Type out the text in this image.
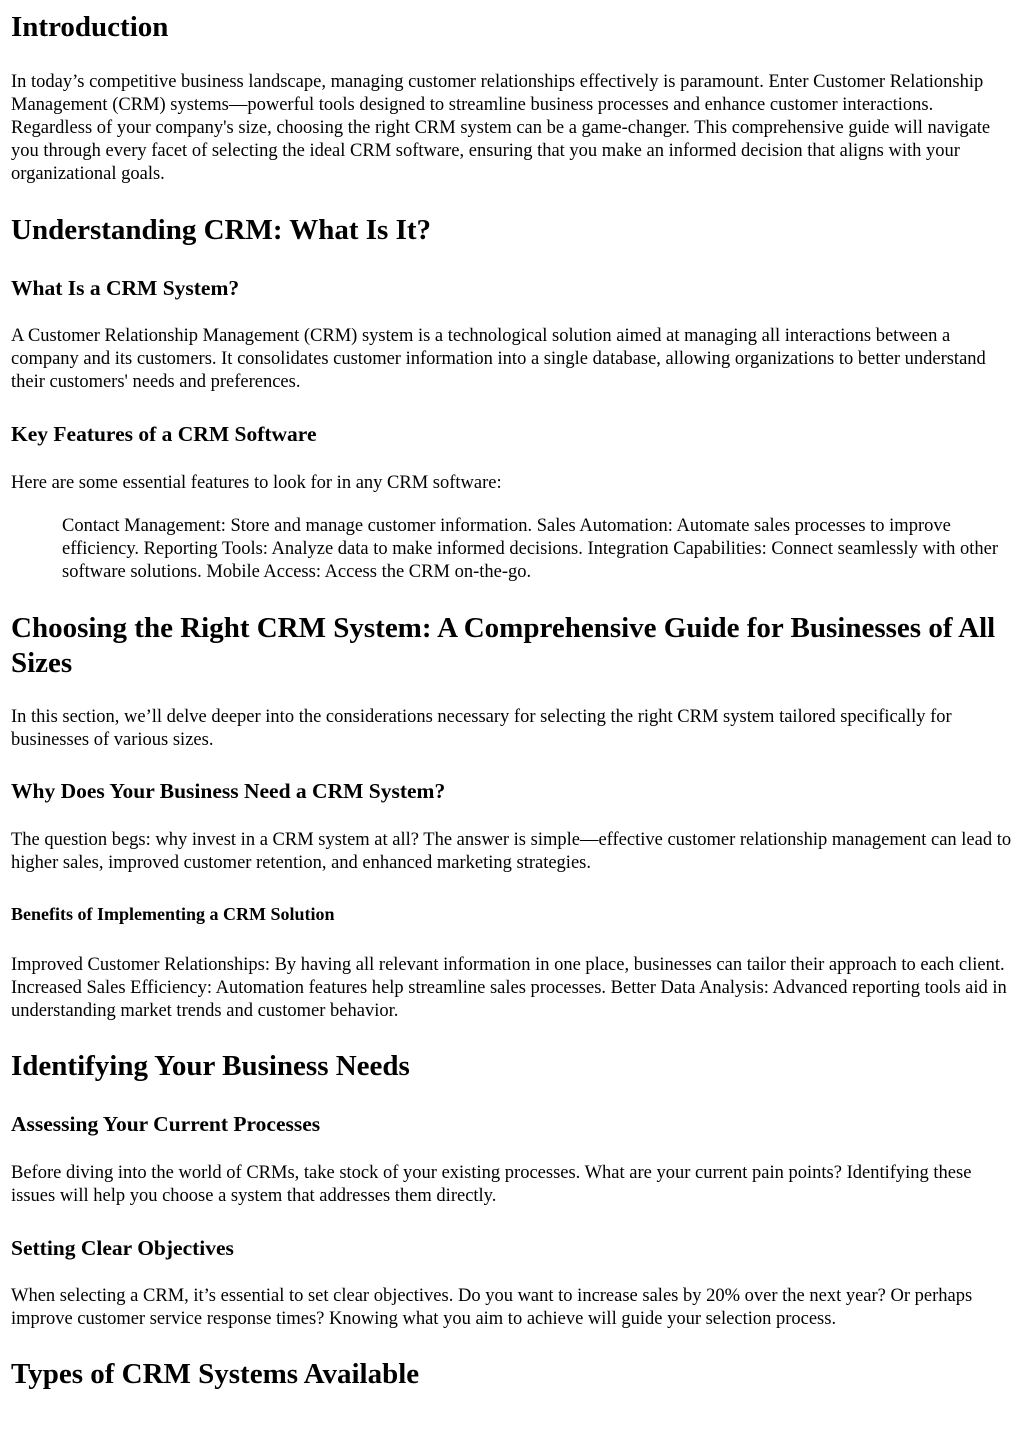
Introduction

In today’s competitive business landscape, managing customer relationships effectively is paramount. Enter Customer Relationship Management (CRM) systems—powerful tools designed to streamline business processes and enhance customer interactions. Regardless of your company's size, choosing the right CRM system can be a game-changer. This comprehensive guide will navigate you through every facet of selecting the ideal CRM software, ensuring that you make an informed decision that aligns with your organizational goals.

Understanding CRM: What Is It?
What Is a CRM System?

A Customer Relationship Management (CRM) system is a technological solution aimed at managing all interactions between a company and its customers. It consolidates customer information into a single database, allowing organizations to better understand their customers' needs and preferences.

Key Features of a CRM Software

Here are some essential features to look for in any CRM software:

Contact Management: Store and manage customer information. Sales Automation: Automate sales processes to improve efficiency. Reporting Tools: Analyze data to make informed decisions. Integration Capabilities: Connect seamlessly with other software solutions. Mobile Access: Access the CRM on-the-go.
Choosing the Right CRM System: A Comprehensive Guide for Businesses of All Sizes

In this section, we’ll delve deeper into the considerations necessary for selecting the right CRM system tailored specifically for businesses of various sizes.

Why Does Your Business Need a CRM System?

The question begs: why invest in a CRM system at all? The answer is simple—effective customer relationship management can lead to higher sales, improved customer retention, and enhanced marketing strategies.

Benefits of Implementing a CRM Solution

Improved Customer Relationships: By having all relevant information in one place, businesses can tailor their approach to each client. Increased Sales Efficiency: Automation features help streamline sales processes. Better Data Analysis: Advanced reporting tools aid in understanding market trends and customer behavior.

Identifying Your Business Needs
Assessing Your Current Processes

Before diving into the world of CRMs, take stock of your existing processes. What are your current pain points? Identifying these issues will help you choose a system that addresses them directly.

Setting Clear Objectives

When selecting a CRM, it’s essential to set clear objectives. Do you want to increase sales by 20% over the next year? Or perhaps improve customer service response times? Knowing what you aim to achieve will guide your selection process.

Types of CRM Systems Available
